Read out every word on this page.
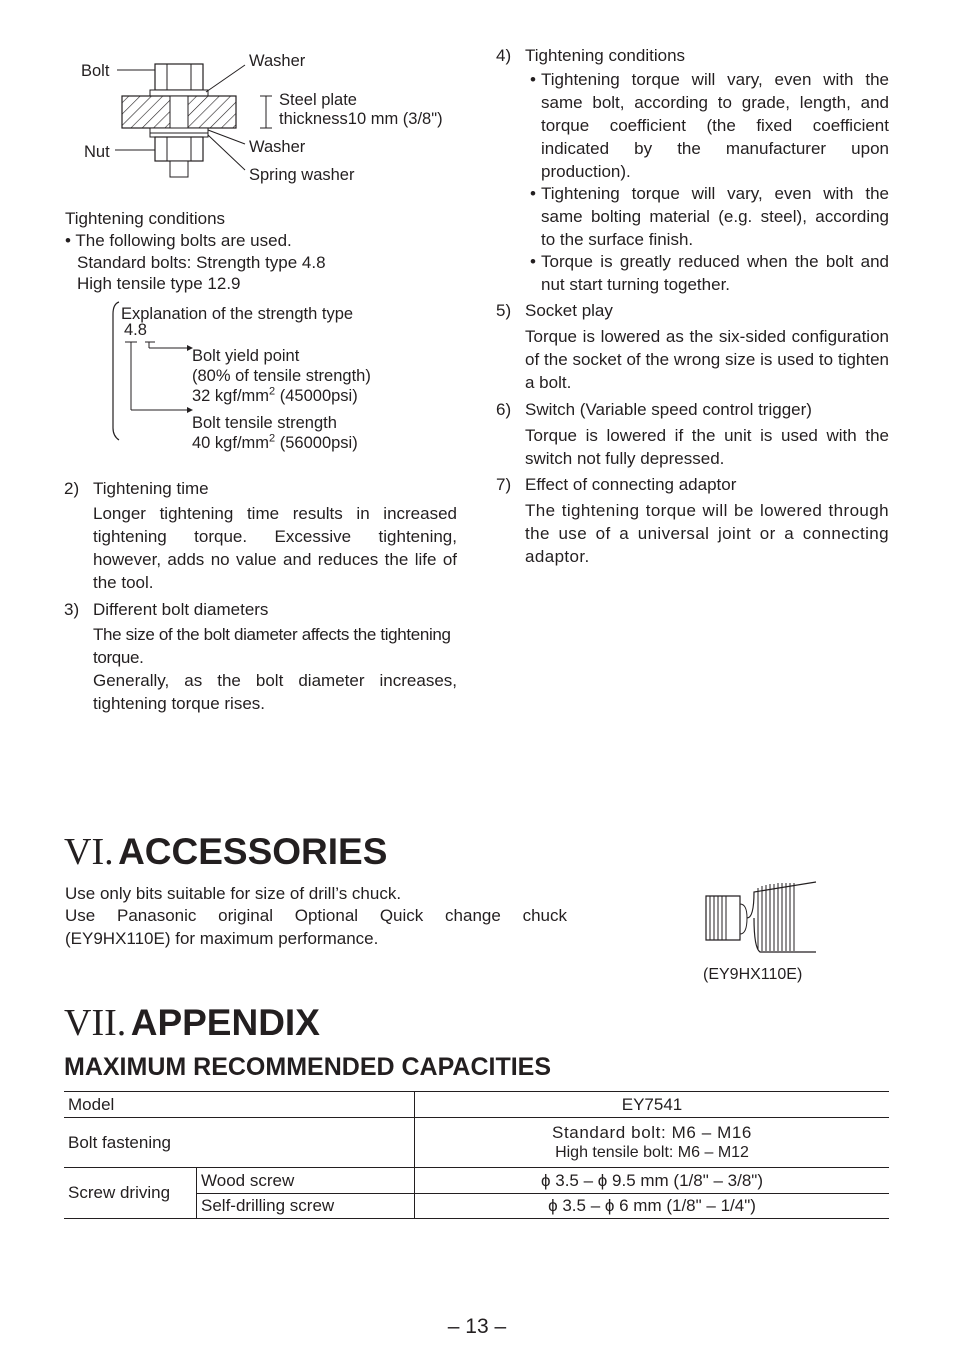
Bolt
Washer
Steel plate
thickness10 mm (3/8")
Nut	Washer
Spring washer
Tightening conditions
• The following bolts are used.
Standard bolts: Strength type 4.8
High tensile type 12.9
Explanation of the strength type
4.8
Bolt yield point
(80% of tensile strength)
32 kgf/$mm^2$ (45000psi)
Bolt tensile strength
40 kgf/$mm^2$ (56000psi)
2) Tightening time
Longer tightening time results in increased tightening torque. Excessive tightening, however, adds no value and reduces the life of the tool.
3) Different bolt diameters
The size of the bolt diameter affects the tightening torque.
Generally, as the bolt diameter increases, tightening torque rises.
4) Tightening conditions
• Tightening torque will vary, even with the same bolt, according to grade, length, and torque coefficient (the fixed coefficient indicated by the manufacturer upon production).
• Tightening torque will vary, even with the same bolting material (e.g. steel), according to the surface finish.
• Torque is greatly reduced when the bolt and nut start turning together.
5) Socket play
Torque is lowered as the six-sided configuration of the socket of the wrong size is used to tighten a bolt.
6) Switch (Variable speed control trigger)
Torque is lowered if the unit is used with the switch not fully depressed.
7) Effect of connecting adaptor
The tightening torque will be lowered through the use of a universal joint or a connecting adaptor.
VI. ACCESSORIES
Use only bits suitable for size of drill’s chuck.
Use Panasonic original Optional Quick change chuck (EY9HX110E) for maximum performance.
(EY9HX110E)
VII. APPENDIX
MAXIMUM RECOMMENDED CAPACITIES
Model		EY7541
Bolt fastening		Standard bolt: M6 – M16
High tensile bolt: M6 – M12

Screw driving	Wood screw	ϕ 3.5 – ϕ 9.5 mm (1/8" – 3/8")
	Self-drilling screw	ϕ 3.5 – ϕ 6 mm (1/8" – 1/4")
– 13 –
